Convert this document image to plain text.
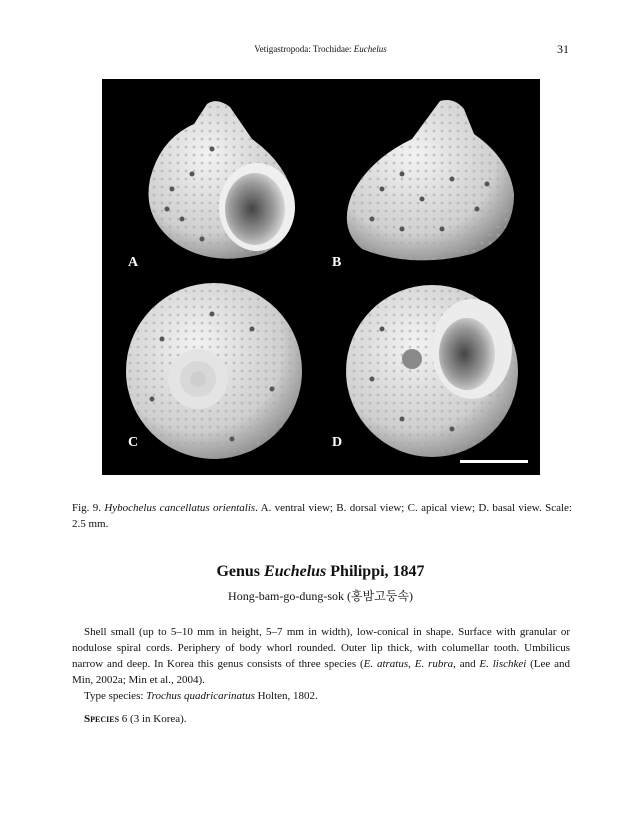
Vetigastropoda: Trochidae: Euchelus	31
A	B
C	D
Fig. 9. Hybochelus cancellatus orientalis. A. ventral view; B. dorsal view; C. apical view; D. basal view. Scale: 2.5 mm.
Genus Euchelus Philippi, 1847
Hong-bam-go-dung-sok (홍밤고둥속)

Shell small (up to 5–10 mm in height, 5–7 mm in width), low-conical in shape. Surface with granular or nodulose spiral cords. Periphery of body whorl rounded. Outer lip thick, with columellar tooth. Umbilicus narrow and deep. In Korea this genus consists of three species (E. atratus, E. rubra, and E. lischkei (Lee and Min, 2002a; Min et al., 2004).

Type species: Trochus quadricarinatus Holten, 1802.

Species 6 (3 in Korea).
